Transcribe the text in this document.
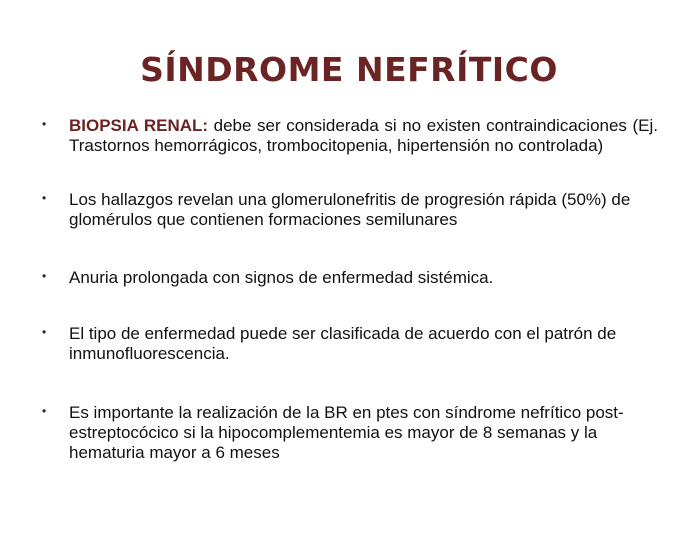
SÍNDROME NEFRÍTICO
• BIOPSIA RENAL: debe ser considerada si no existen contraindicaciones (Ej. Trastornos hemorrágicos, trombocitopenia, hipertensión no controlada)
• Los hallazgos revelan una glomerulonefritis de progresión rápida (50%) de glomérulos que contienen formaciones semilunares
• Anuria prolongada con signos de enfermedad sistémica.
• El tipo de enfermedad puede ser clasificada de acuerdo con el patrón de inmunofluorescencia.
• Es importante la realización de la BR en ptes con síndrome nefrítico post- estreptocócico si la hipocomplementemia es mayor de 8 semanas y la hematuria mayor a 6 meses
